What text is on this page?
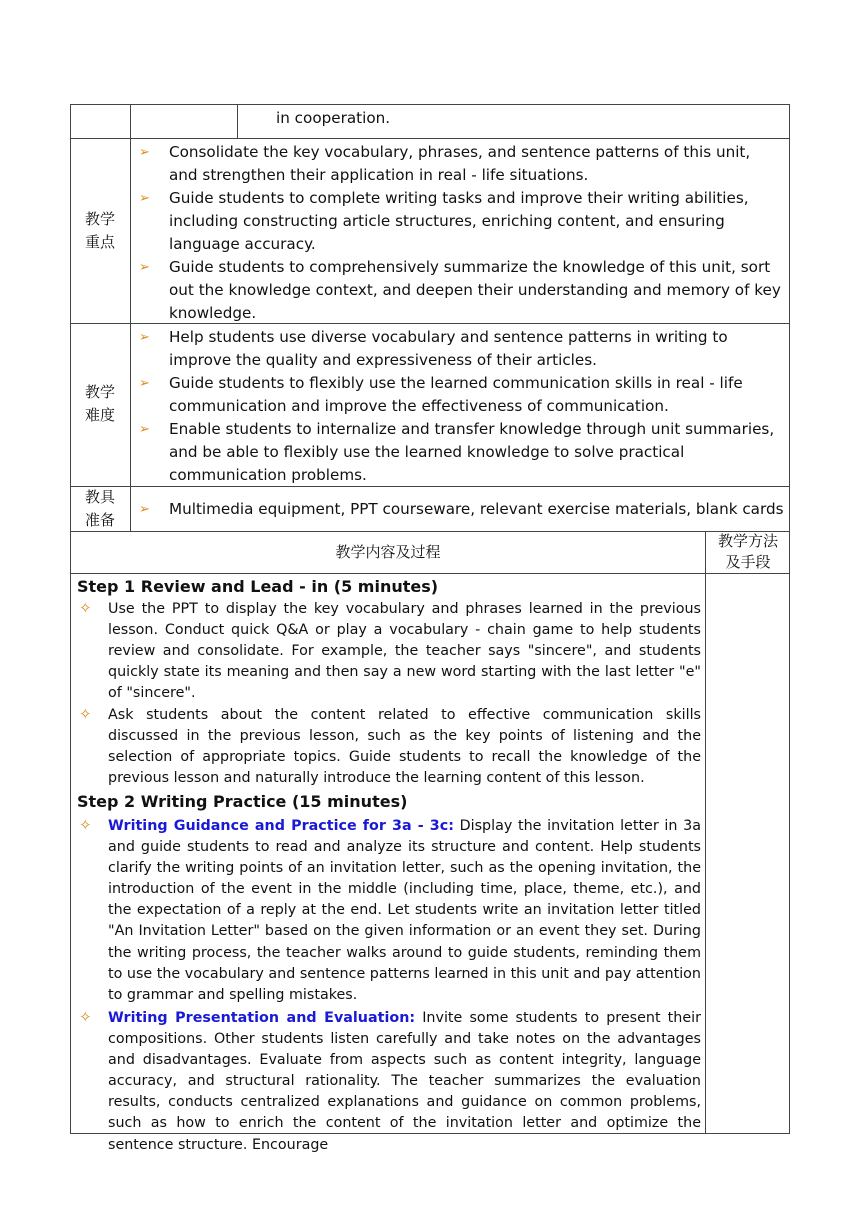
in cooperation.
教学重点
➢ Consolidate the key vocabulary, phrases, and sentence patterns of this unit, and strengthen their application in real - life situations.
➢ Guide students to complete writing tasks and improve their writing abilities, including constructing article structures, enriching content, and ensuring language accuracy.
➢ Guide students to comprehensively summarize the knowledge of this unit, sort out the knowledge context, and deepen their understanding and memory of key knowledge.
教学难度
➢ Help students use diverse vocabulary and sentence patterns in writing to improve the quality and expressiveness of their articles.
➢ Guide students to flexibly use the learned communication skills in real - life communication and improve the effectiveness of communication.
➢ Enable students to internalize and transfer knowledge through unit summaries, and be able to flexibly use the learned knowledge to solve practical communication problems.
教具准备
➢ Multimedia equipment, PPT courseware, relevant exercise materials, blank cards
教学内容及过程
教学方法及手段
Step 1 Review and Lead - in (5 minutes)
✧ Use the PPT to display the key vocabulary and phrases learned in the previous lesson. Conduct quick Q&A or play a vocabulary - chain game to help students review and consolidate. For example, the teacher says "sincere", and students quickly state its meaning and then say a new word starting with the last letter "e" of "sincere".
✧ Ask students about the content related to effective communication skills discussed in the previous lesson, such as the key points of listening and the selection of appropriate topics. Guide students to recall the knowledge of the previous lesson and naturally introduce the learning content of this lesson.
Step 2 Writing Practice (15 minutes)
✧ Writing Guidance and Practice for 3a - 3c: Display the invitation letter in 3a and guide students to read and analyze its structure and content. Help students clarify the writing points of an invitation letter, such as the opening invitation, the introduction of the event in the middle (including time, place, theme, etc.), and the expectation of a reply at the end. Let students write an invitation letter titled "An Invitation Letter" based on the given information or an event they set. During the writing process, the teacher walks around to guide students, reminding them to use the vocabulary and sentence patterns learned in this unit and pay attention to grammar and spelling mistakes.
✧ Writing Presentation and Evaluation: Invite some students to present their compositions. Other students listen carefully and take notes on the advantages and disadvantages. Evaluate from aspects such as content integrity, language accuracy, and structural rationality. The teacher summarizes the evaluation results, conducts centralized explanations and guidance on common problems, such as how to enrich the content of the invitation letter and optimize the sentence structure. Encourage
